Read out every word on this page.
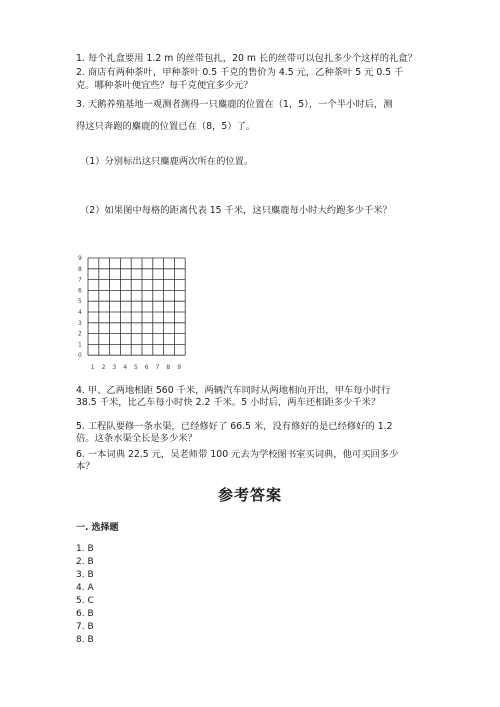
1. 每个礼盒要用 1.2 m 的丝带包扎，20 m 长的丝带可以包扎多少个这样的礼盒？
2. 商店有两种茶叶，甲种茶叶 0.5 千克的售价为 4.5 元，乙种茶叶 5 元 0.5 千
克。哪种茶叶便宜些？每千克便宜多少元？
3. 天鹅养殖基地一观测者测得一只麋鹿的位置在（1，5），一个半小时后，测
得这只奔跑的麋鹿的位置已在（8，5）了。
（1）分别标出这只麋鹿两次所在的位置。
（2）如果图中每格的距离代表 15 千米，这只麋鹿每小时大约跑多少千米？
0
1
2
3
4
5
6
7
8
9
1 2 3 4 5 6 7 8 9
4. 甲、乙两地相距 560 千米，两辆汽车同时从两地相向开出，甲车每小时行
38.5 千米，比乙车每小时快 2.2 千米。5 小时后，两车还相距多少千米？
5. 工程队要修一条水渠，已经修好了 66.5 米，没有修好的是已经修好的 1.2
倍。这条水渠全长是多少米？
6. 一本词典 22.5 元，吴老师带 100 元去为学校图书室买词典，他可买回多少
本？
参考答案
一. 选择题
1. B
2. B
3. B
4. A
5. C
6. B
7. B
8. B
